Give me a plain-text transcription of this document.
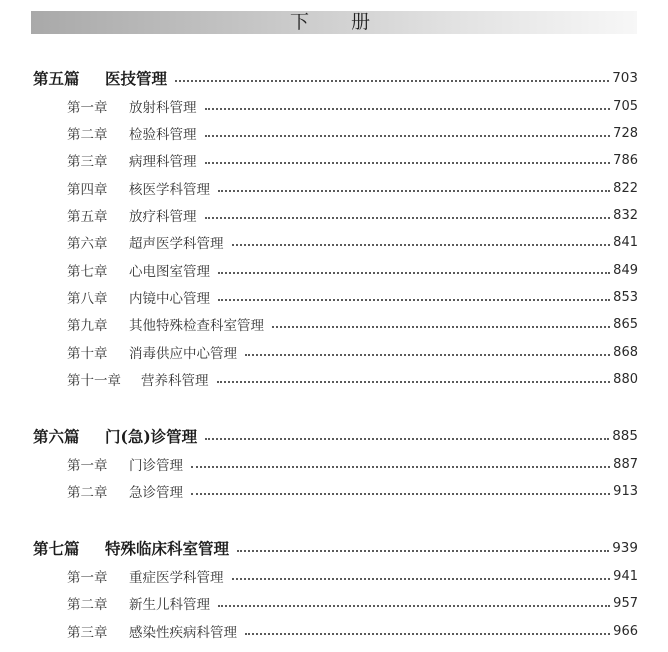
下 册
第五篇	医技管理	703
第一章	放射科管理	705
第二章	检验科管理	728
第三章	病理科管理	786
第四章	核医学科管理	822
第五章	放疗科管理	832
第六章	超声医学科管理	841
第七章	心电图室管理	849
第八章	内镜中心管理	853
第九章	其他特殊检查科室管理	865
第十章	消毒供应中心管理	868
第十一章	营养科管理	880
第六篇	门(急)诊管理	885
第一章	门诊管理	887
第二章	急诊管理	913
第七篇	特殊临床科室管理	939
第一章	重症医学科管理	941
第二章	新生儿科管理	957
第三章	感染性疾病科管理	966
